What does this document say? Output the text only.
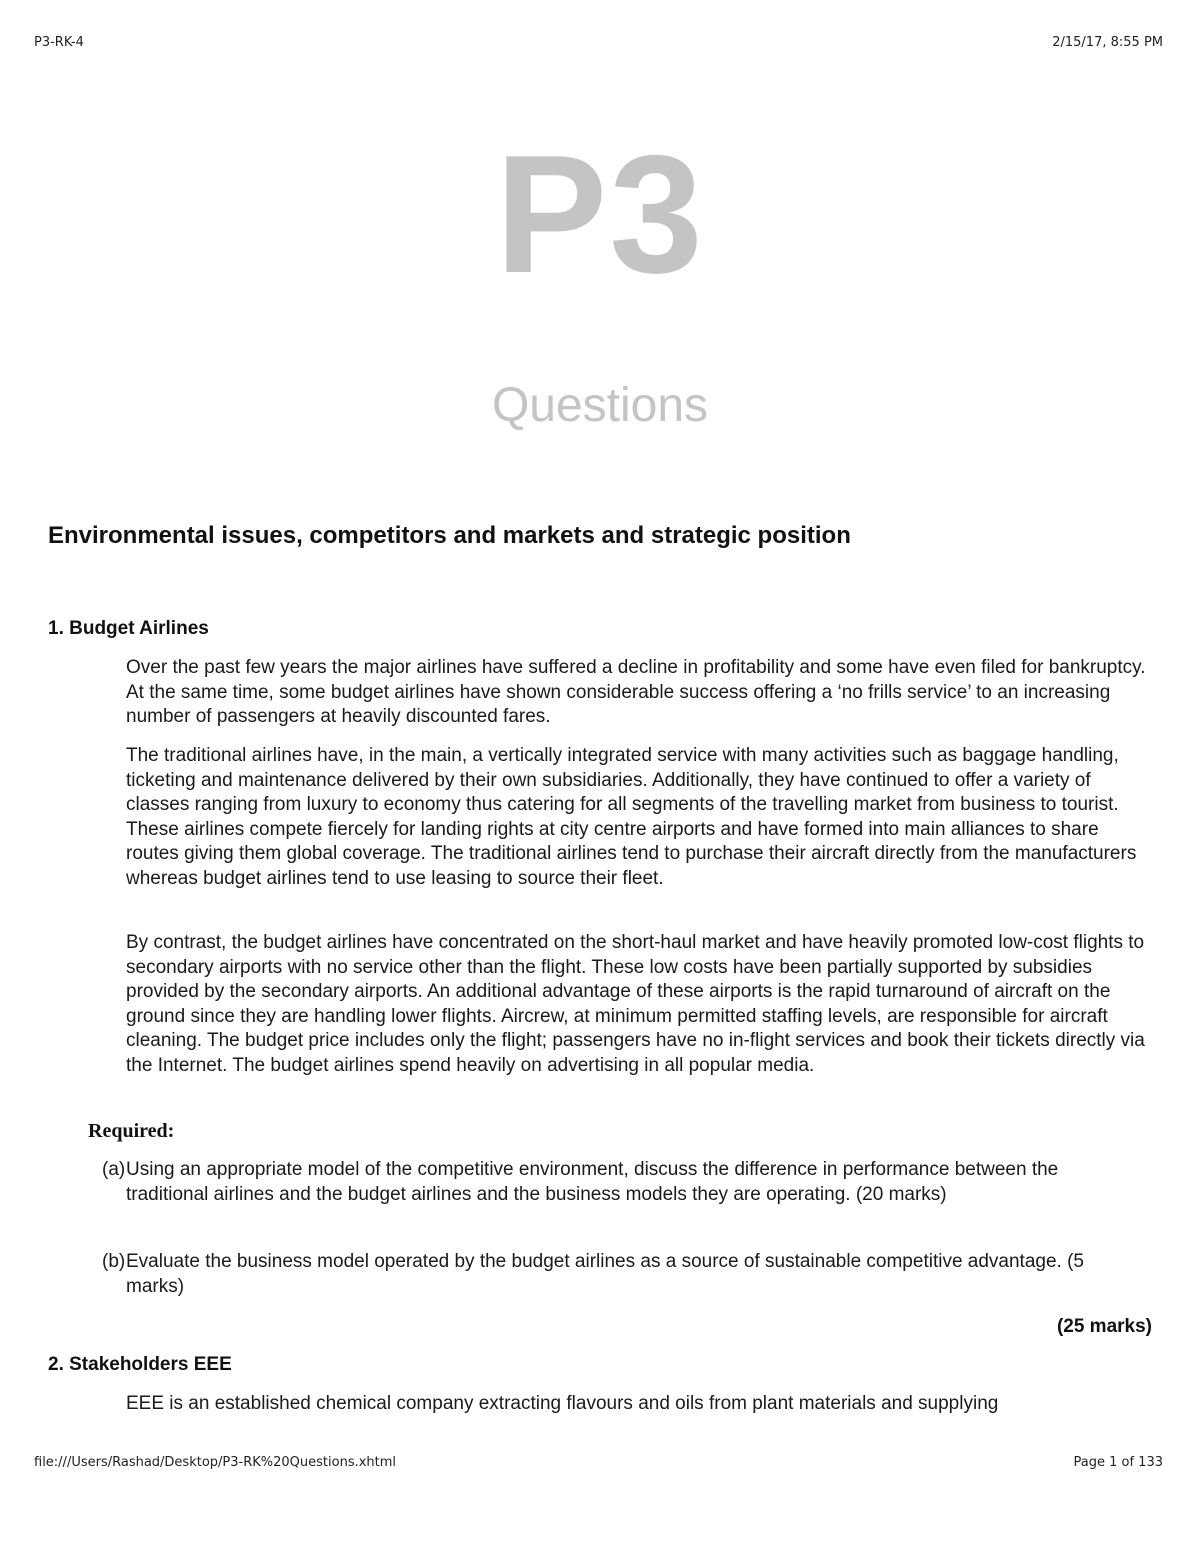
P3-RK-4	2/15/17, 8:55 PM
P3
Questions
Environmental issues, competitors and markets and strategic position
1. Budget Airlines

Over the past few years the major airlines have suffered a decline in profitability and some have even filed for bankruptcy. At the same time, some budget airlines have shown considerable success offering a ‘no frills service’ to an increasing number of passengers at heavily discounted fares.

The traditional airlines have, in the main, a vertically integrated service with many activities such as baggage handling, ticketing and maintenance delivered by their own subsidiaries. Additionally, they have continued to offer a variety of classes ranging from luxury to economy thus catering for all segments of the travelling market from business to tourist. These airlines compete fiercely for landing rights at city centre airports and have formed into main alliances to share routes giving them global coverage. The traditional airlines tend to purchase their aircraft directly from the manufacturers whereas budget airlines tend to use leasing to source their fleet.

By contrast, the budget airlines have concentrated on the short-haul market and have heavily promoted low-cost flights to secondary airports with no service other than the flight. These low costs have been partially supported by subsidies provided by the secondary airports. An additional advantage of these airports is the rapid turnaround of aircraft on the ground since they are handling lower flights. Aircrew, at minimum permitted staffing levels, are responsible for aircraft cleaning. The budget price includes only the flight; passengers have no in-flight services and book their tickets directly via the Internet. The budget airlines spend heavily on advertising in all popular media.

Required:
(a) Using an appropriate model of the competitive environment, discuss the difference in performance between the traditional airlines and the budget airlines and the business models they are operating. (20 marks)
(b) Evaluate the business model operated by the budget airlines as a source of sustainable competitive advantage. (5 marks)
(25 marks)
2. Stakeholders EEE

EEE is an established chemical company extracting flavours and oils from plant materials and supplying

file:///Users/Rashad/Desktop/P3-RK%20Questions.xhtml	Page 1 of 133
